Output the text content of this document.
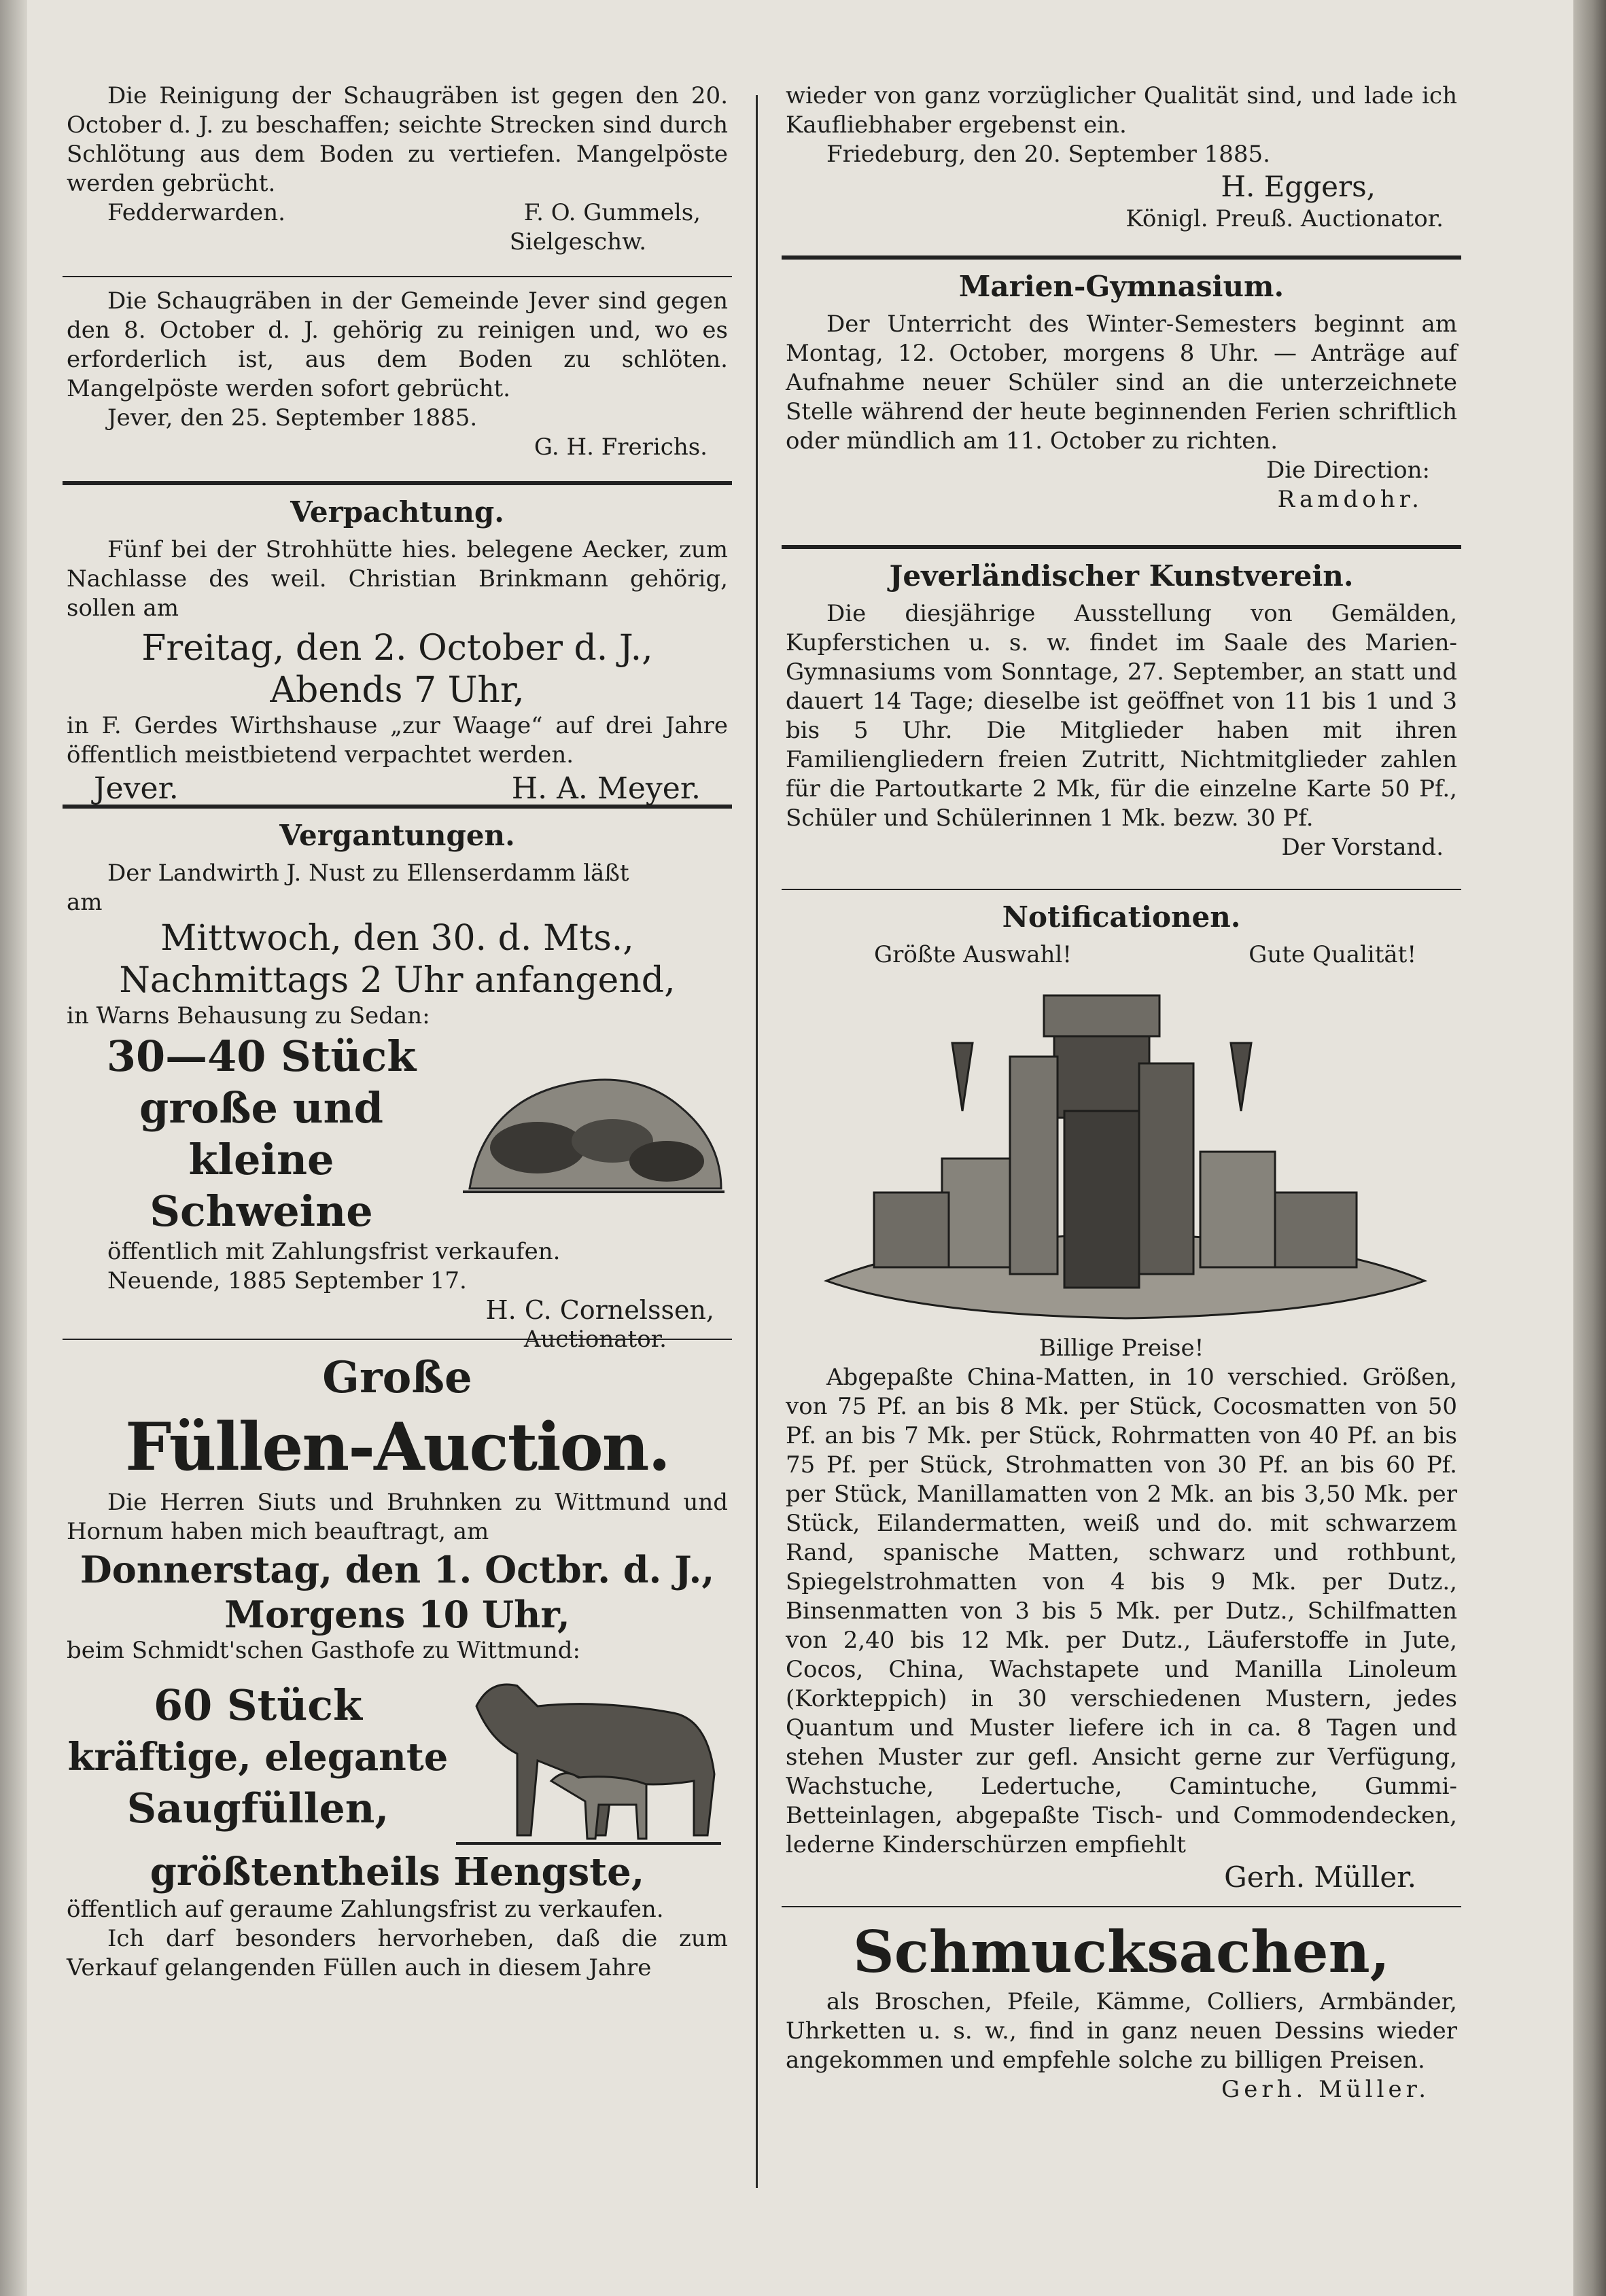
Die Reinigung der Schaugräben ist gegen den 20. October d. J. zu beschaffen; seichte Strecken sind durch Schlötung aus dem Boden zu vertiefen. Mangelpöste werden gebrücht.

Fedderwarden.	F. O. Gummels,

Sielgeschw.

Die Schaugräben in der Gemeinde Jever sind gegen den 8. October d. J. gehörig zu reinigen und, wo es erforderlich ist, aus dem Boden zu schlöten. Mangelpöste werden sofort gebrücht.

Jever, den 25. September 1885.

G. H. Frerichs.

Verpachtung.

Fünf bei der Strohhütte hies. belegene Aecker, zum Nachlasse des weil. Christian Brinkmann gehörig, sollen am

Freitag, den 2. October d. J.,

Abends 7 Uhr,

in F. Gerdes Wirthshause „zur Waage“ auf drei Jahre öffentlich meistbietend verpachtet werden.

Jever.	H. A. Meyer.
Vergantungen.

Der Landwirth J. Nust zu Ellenserdamm läßt

am

Mittwoch, den 30. d. Mts.,

Nachmittags 2 Uhr anfangend,

in Warns Behausung zu Sedan:

30—40 Stück

große und kleine

Schweine

öffentlich mit Zahlungsfrist verkaufen.

Neuende, 1885 September 17.

H. C. Cornelssen,

Auctionator.

Große

Füllen-Auction.

Die Herren Siuts und Bruhnken zu Wittmund und Hornum haben mich beauftragt, am

Donnerstag, den 1. Octbr. d. J.,

Morgens 10 Uhr,

beim Schmidt'schen Gasthofe zu Wittmund:

60 Stück

kräftige, elegante

Saugfüllen,

größtentheils Hengste,

öffentlich auf geraume Zahlungsfrist zu verkaufen.

Ich darf besonders hervorheben, daß die zum Verkauf gelangenden Füllen auch in diesem Jahre

wieder von ganz vorzüglicher Qualität sind, und lade ich Kaufliebhaber ergebenst ein.

Friedeburg, den 20. September 1885.

H. Eggers,

Königl. Preuß. Auctionator.

Marien-Gymnasium.

Der Unterricht des Winter-Semesters beginnt am Montag, 12. October, morgens 8 Uhr. — Anträge auf Aufnahme neuer Schüler sind an die unterzeichnete Stelle während der heute beginnenden Ferien schriftlich oder mündlich am 11. October zu richten.

Die Direction:

Ramdohr.

Jeverländischer Kunstverein.

Die diesjährige Ausstellung von Gemälden, Kupferstichen u. s. w. findet im Saale des Marien-Gymnasiums vom Sonntage, 27. September, an statt und dauert 14 Tage; dieselbe ist geöffnet von 11 bis 1 und 3 bis 5 Uhr. Die Mitglieder haben mit ihren Familiengliedern freien Zutritt, Nichtmitglieder zahlen für die Partoutkarte 2 Mk, für die einzelne Karte 50 Pf., Schüler und Schülerinnen 1 Mk. bezw. 30 Pf.

Der Vorstand.

Notificationen.
Größte Auswahl!	Gute Qualität!

Billige Preise!

Abgepaßte China-Matten, in 10 verschied. Größen, von 75 Pf. an bis 8 Mk. per Stück, Cocosmatten von 50 Pf. an bis 7 Mk. per Stück, Rohrmatten von 40 Pf. an bis 75 Pf. per Stück, Strohmatten von 30 Pf. an bis 60 Pf. per Stück, Manillamatten von 2 Mk. an bis 3,50 Mk. per Stück, Eilandermatten, weiß und do. mit schwarzem Rand, spanische Matten, schwarz und rothbunt, Spiegelstrohmatten von 4 bis 9 Mk. per Dutz., Binsenmatten von 3 bis 5 Mk. per Dutz., Schilfmatten von 2,40 bis 12 Mk. per Dutz., Läuferstoffe in Jute, Cocos, China, Wachstapete und Manilla Linoleum (Korkteppich) in 30 verschiedenen Mustern, jedes Quantum und Muster liefere ich in ca. 8 Tagen und stehen Muster zur gefl. Ansicht gerne zur Verfügung, Wachstuche, Ledertuche, Camintuche, Gummi-Betteinlagen, abgepaßte Tisch- und Commodendecken, lederne Kinderschürzen empfiehlt

Gerh. Müller.

Schmucksachen,

als Broschen, Pfeile, Kämme, Colliers, Armbänder, Uhrketten u. s. w., find in ganz neuen Dessins wieder angekommen und empfehle solche zu billigen Preisen.

Gerh. Müller.
